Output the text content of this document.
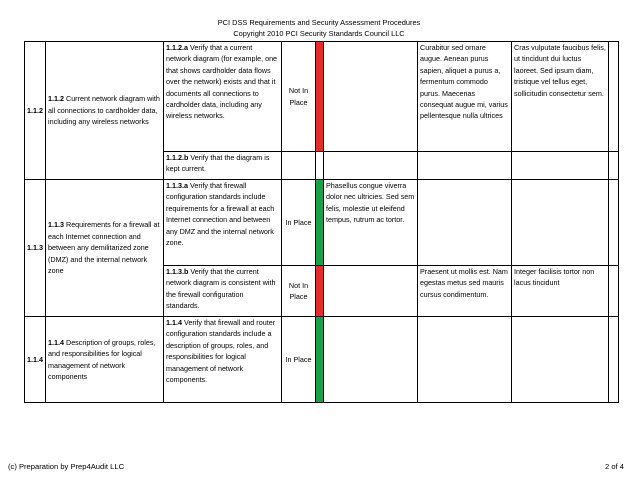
PCI DSS Requirements and Security Assessment Procedures
Copyright 2010 PCI Security Standards Council LLC
1.1.2	1.1.2 Current network diagram with all connections to cardholder data, including any wireless networks	1.1.2.a Verify that a current network diagram (for example, one that shows cardholder data flows over the network) exists and that it documents all connections to cardholder data, including any wireless networks.	Not In Place			Curabitur sed ornare augue. Aenean purus sapien, aliquet a purus a, fermentum commodo purus. Maecenas consequat augue mi, varius pellentesque nulla ultrices	Cras vulputate faucibus felis, ut tincidunt dui luctus laoreet. Sed ipsum diam, tristique vel tellus eget, sollicitudin consectetur sem.	
		1.1.2.b Verify that the diagram is kept current.						
1.1.3	1.1.3 Requirements for a firewall at each Internet connection and between any demilitarized zone (DMZ) and the internal network zone	1.1.3.a Verify that firewall configuration standards include requirements for a firewall at each Internet connection and between any DMZ and the internal network zone.	In Place		Phasellus congue viverra dolor nec ultricies. Sed sem felis, molestie ut eleifend tempus, rutrum ac tortor.			
		1.1.3.b Verify that the current network diagram is consistent with the firewall configuration standards.	Not In Place			Praesent ut mollis est. Nam egestas metus sed mauris cursus condimentum.	Integer facilisis tortor non lacus tincidunt	
1.1.4	1.1.4 Description of groups, roles, and responsibilities for logical management of network components	1.1.4 Verify that firewall and router configuration standards include a description of groups, roles, and responsibilities for logical management of network components.	In Place					
(c) Preparation by Prep4Audit LLC	2 of 4
